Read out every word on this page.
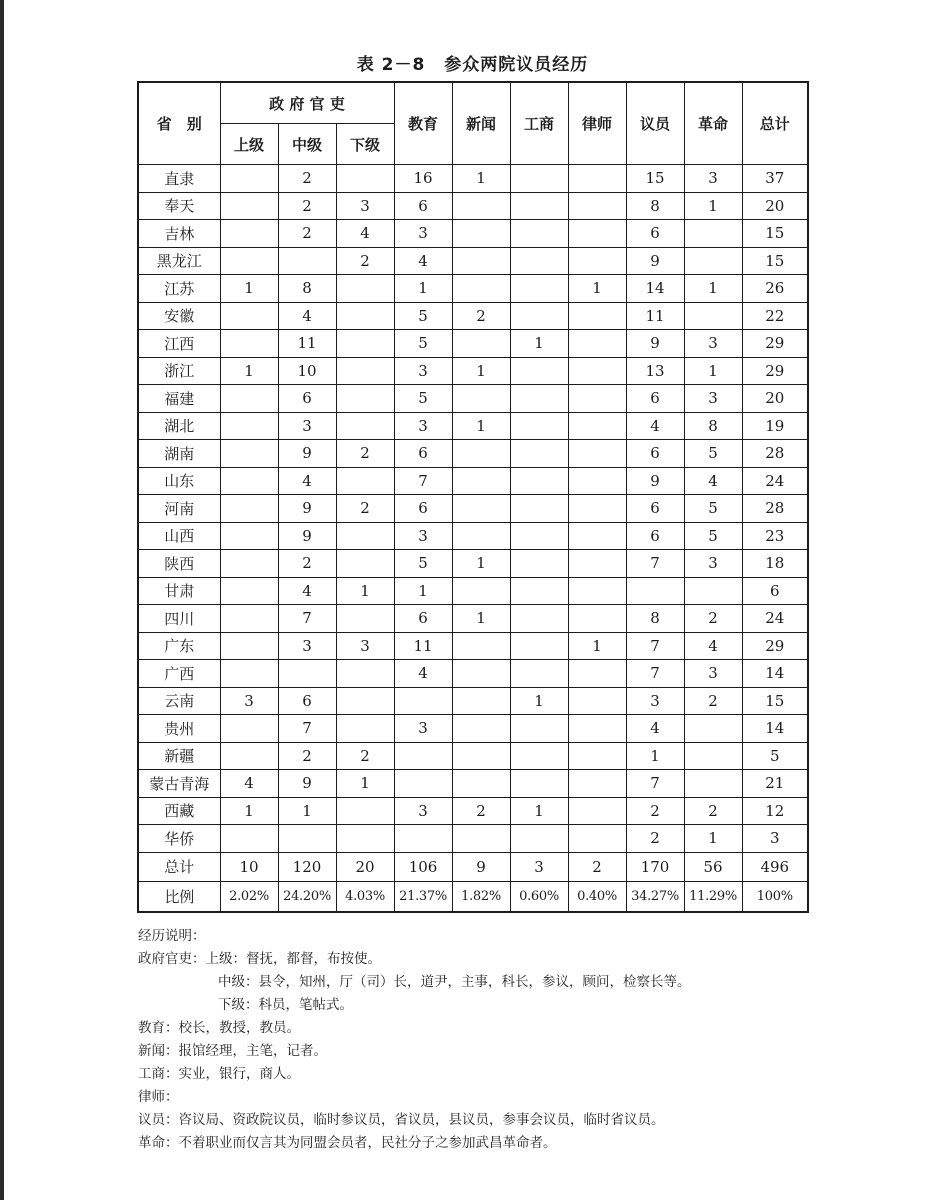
表 2－8 参众两院议员经历
省　别	政 府 官 吏			教育	新闻	工商	律师	议员	革命	总计
	上级	中级	下级							
直隶		2		16	1			15	3	37
奉天		2	3	6				8	1	20
吉林		2	4	3				6		15
黑龙江			2	4				9		15
江苏	1	8		1			1	14	1	26
安徽		4		5	2			11		22
江西		11		5		1		9	3	29
浙江	1	10		3	1			13	1	29
福建		6		5				6	3	20
湖北		3		3	1			4	8	19
湖南		9	2	6				6	5	28
山东		4		7				9	4	24
河南		9	2	6				6	5	28
山西		9		3				6	5	23
陕西		2		5	1			7	3	18
甘肃		4	1	1						6
四川		7		6	1			8	2	24
广东		3	3	11			1	7	4	29
广西				4				7	3	14
云南	3	6				1		3	2	15
贵州		7		3				4		14
新疆		2	2					1		5
蒙古青海	4	9	1					7		21
西藏	1	1		3	2	1		2	2	12
华侨								2	1	3
总计	10	120	20	106	9	3	2	170	56	496
比例	2.02%	24.20%	4.03%	21.37%	1.82%	0.60%	0.40%	34.27%	11.29%	100%
经历说明：
政府官吏：上级：督抚，都督，布按使。
中级：县令，知州，厅（司）长，道尹，主事，科长，参议，顾问，检察长等。
下级：科员，笔帖式。
教育：校长，教授，教员。
新闻：报馆经理，主笔，记者。
工商：实业，银行，商人。
律师：
议员：咨议局、资政院议员，临时参议员，省议员，县议员，参事会议员，临时省议员。
革命：不着职业而仅言其为同盟会员者，民社分子之参加武昌革命者。
